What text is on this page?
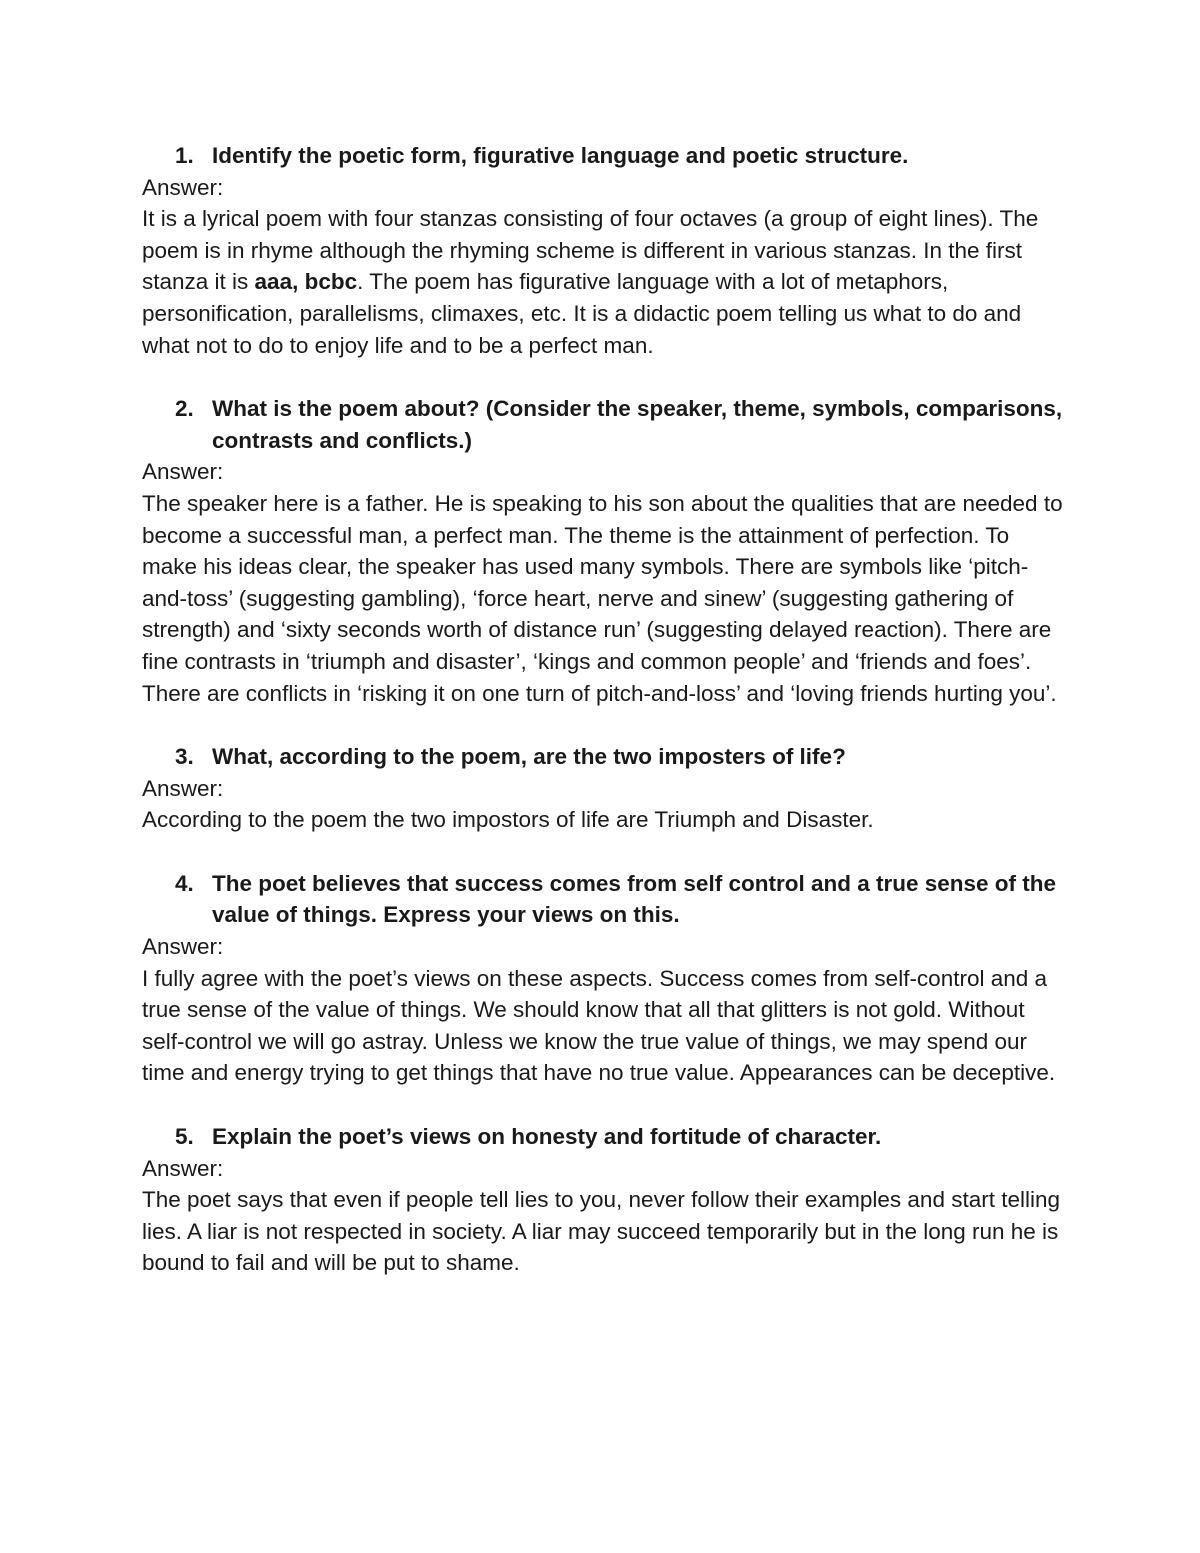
1. Identify the poetic form, figurative language and poetic structure.

Answer:

It is a lyrical poem with four stanzas consisting of four octaves (a group of eight lines). The poem is in rhyme although the rhyming scheme is different in various stanzas. In the first stanza it is aaa, bcbc. The poem has figurative language with a lot of metaphors, personification, parallelisms, climaxes, etc. It is a didactic poem telling us what to do and what not to do to enjoy life and to be a perfect man.

2. What is the poem about? (Consider the speaker, theme, symbols, comparisons, contrasts and conflicts.)

Answer:

The speaker here is a father. He is speaking to his son about the qualities that are needed to become a successful man, a perfect man. The theme is the attainment of perfection. To make his ideas clear, the speaker has used many symbols. There are symbols like ‘pitch-and-toss’ (suggesting gambling), ‘force heart, nerve and sinew’ (suggesting gathering of strength) and ‘sixty seconds worth of distance run’ (suggesting delayed reaction). There are fine contrasts in ‘triumph and disaster’, ‘kings and common people’ and ‘friends and foes’. There are conflicts in ‘risking it on one turn of pitch-and-loss’ and ‘loving friends hurting you’.

3. What, according to the poem, are the two imposters of life?

Answer:

According to the poem the two impostors of life are Triumph and Disaster.

4. The poet believes that success comes from self control and a true sense of the value of things. Express your views on this.

Answer:

I fully agree with the poet’s views on these aspects. Success comes from self-control and a true sense of the value of things. We should know that all that glitters is not gold. Without self-control we will go astray. Unless we know the true value of things, we may spend our time and energy trying to get things that have no true value. Appearances can be deceptive.

5. Explain the poet’s views on honesty and fortitude of character.

Answer:

The poet says that even if people tell lies to you, never follow their examples and start telling lies. A liar is not respected in society. A liar may succeed temporarily but in the long run he is bound to fail and will be put to shame.
